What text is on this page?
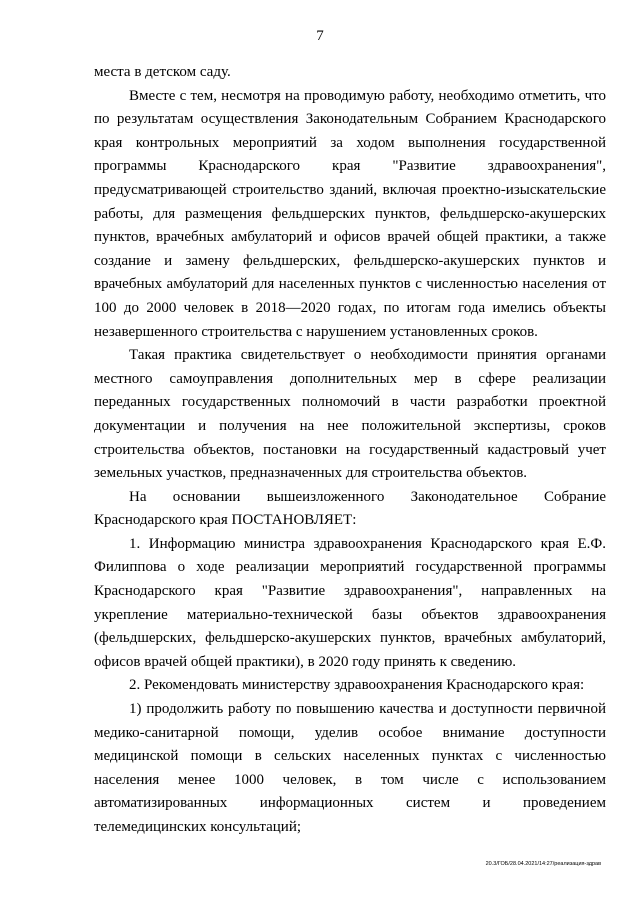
7

места в детском саду.

Вместе с тем, несмотря на проводимую работу, необходимо отметить, что по результатам осуществления Законодательным Собранием Краснодарского края контрольных мероприятий за ходом выполнения государственной программы Краснодарского края "Развитие здравоохранения", предусматривающей строительство зданий, включая проектно-изыскательские работы, для размещения фельдшерских пунктов, фельдшерско-акушерских пунктов, врачебных амбулаторий и офисов врачей общей практики, а также создание и замену фельдшерских, фельдшерско-акушерских пунктов и врачебных амбулаторий для населенных пунктов с численностью населения от 100 до 2000 человек в 2018—2020 годах, по итогам года имелись объекты незавершенного строительства с нарушением установленных сроков.

Такая практика свидетельствует о необходимости принятия органами местного самоуправления дополнительных мер в сфере реализации переданных государственных полномочий в части разработки проектной документации и получения на нее положительной экспертизы, сроков строительства объектов, постановки на государственный кадастровый учет земельных участков, предназначенных для строительства объектов.

На основании вышеизложенного Законодательное Собрание Краснодарского края ПОСТАНОВЛЯЕТ:

1. Информацию министра здравоохранения Краснодарского края Е.Ф. Филиппова о ходе реализации мероприятий государственной программы Краснодарского края "Развитие здравоохранения", направленных на укрепление материально-технической базы объектов здравоохранения (фельдшерских, фельдшерско-акушерских пунктов, врачебных амбулаторий, офисов врачей общей практики), в 2020 году принять к сведению.

2. Рекомендовать министерству здравоохранения Краснодарского края:

1) продолжить работу по повышению качества и доступности первичной медико-санитарной помощи, уделив особое внимание доступности медицинской помощи в сельских населенных пунктах с численностью населения менее 1000 человек, в том числе с использованием автоматизированных информационных систем и проведением телемедицинских консультаций;

20.3/ГОБ/28.04.2021/14:27/реализация-здрав
